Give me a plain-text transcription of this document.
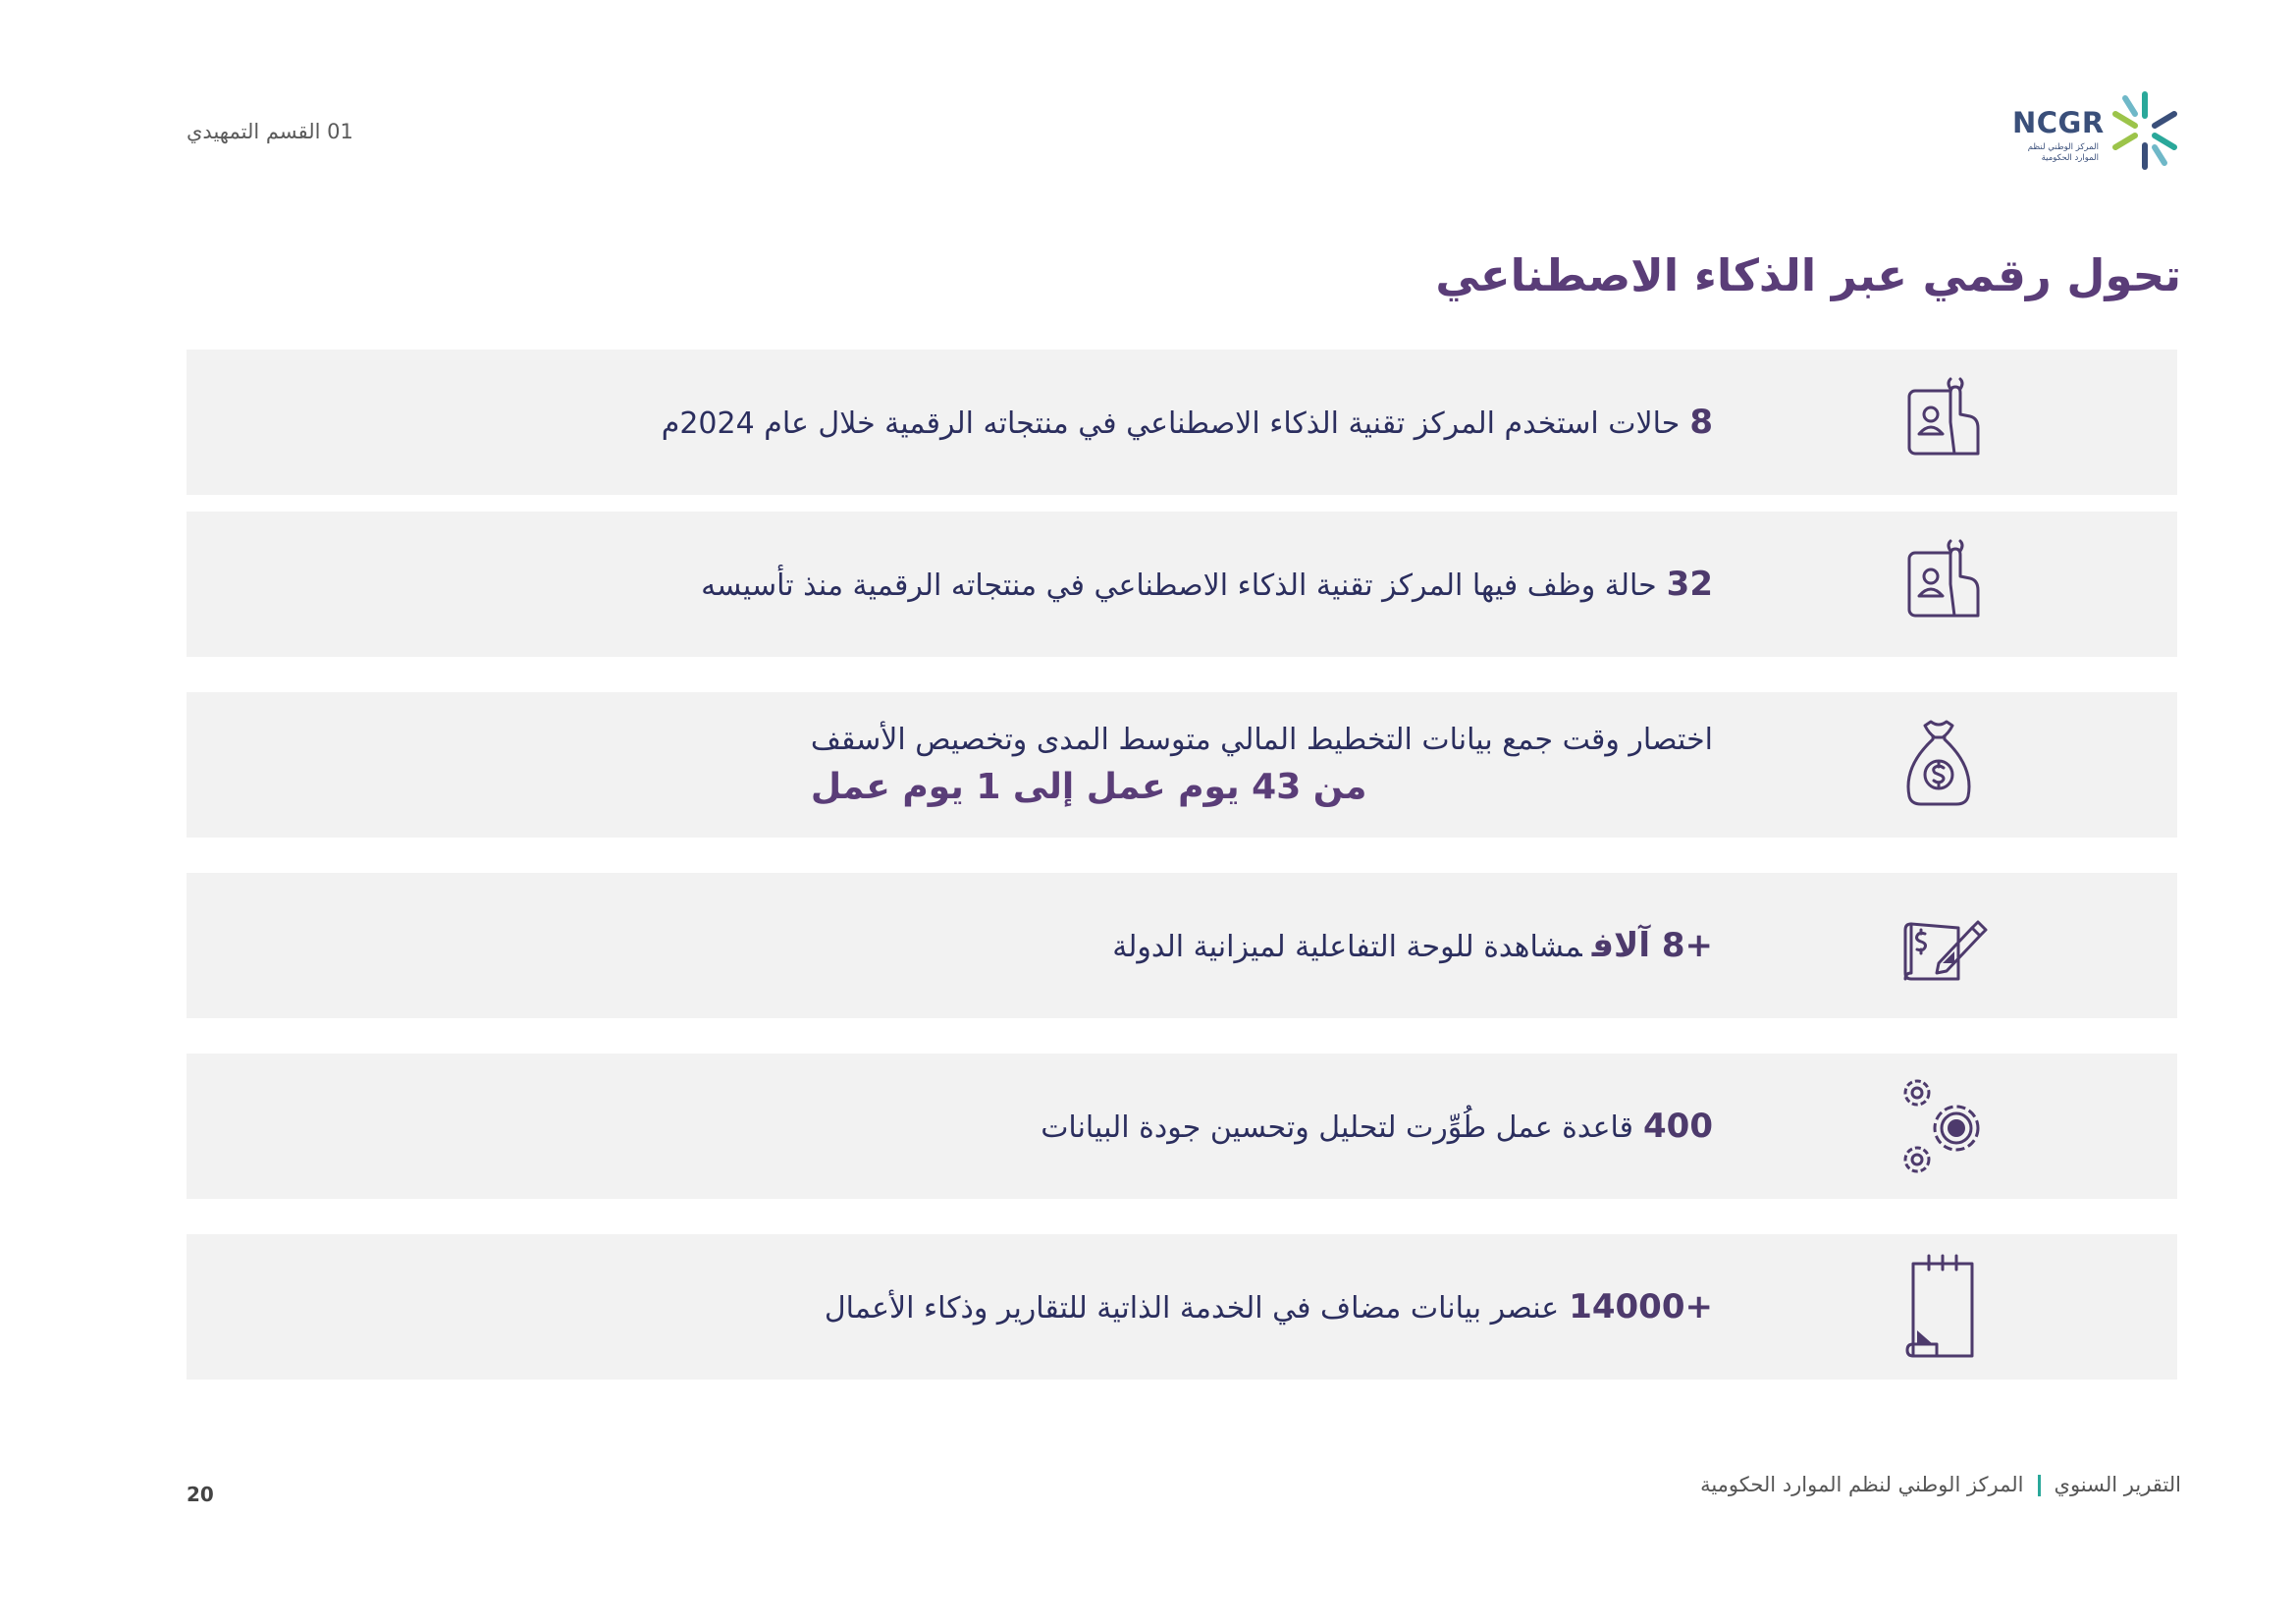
01 القسم التمهيدي	NCGR
المركز الوطني لنظم الموارد الحكومية
تحول رقمي عبر الذكاء الاصطناعي
8حالات استخدم المركز تقنية الذكاء الاصطناعي في منتجاته الرقمية خلال عام 2024م
32حالة وظف فيها المركز تقنية الذكاء الاصطناعي في منتجاته الرقمية منذ تأسيسه
اختصار وقت جمع بيانات التخطيط المالي متوسط المدى وتخصيص الأسقف
من 43 يوم عمل إلى 1 يوم عمل
+8 آلافمشاهدة للوحة التفاعلية لميزانية الدولة
400قاعدة عمل طُوِّرت لتحليل وتحسين جودة البيانات
+14000عنصر بيانات مضاف في الخدمة الذاتية للتقارير وذكاء الأعمال
20	التقرير السنويالمركز الوطني لنظم الموارد الحكومية
